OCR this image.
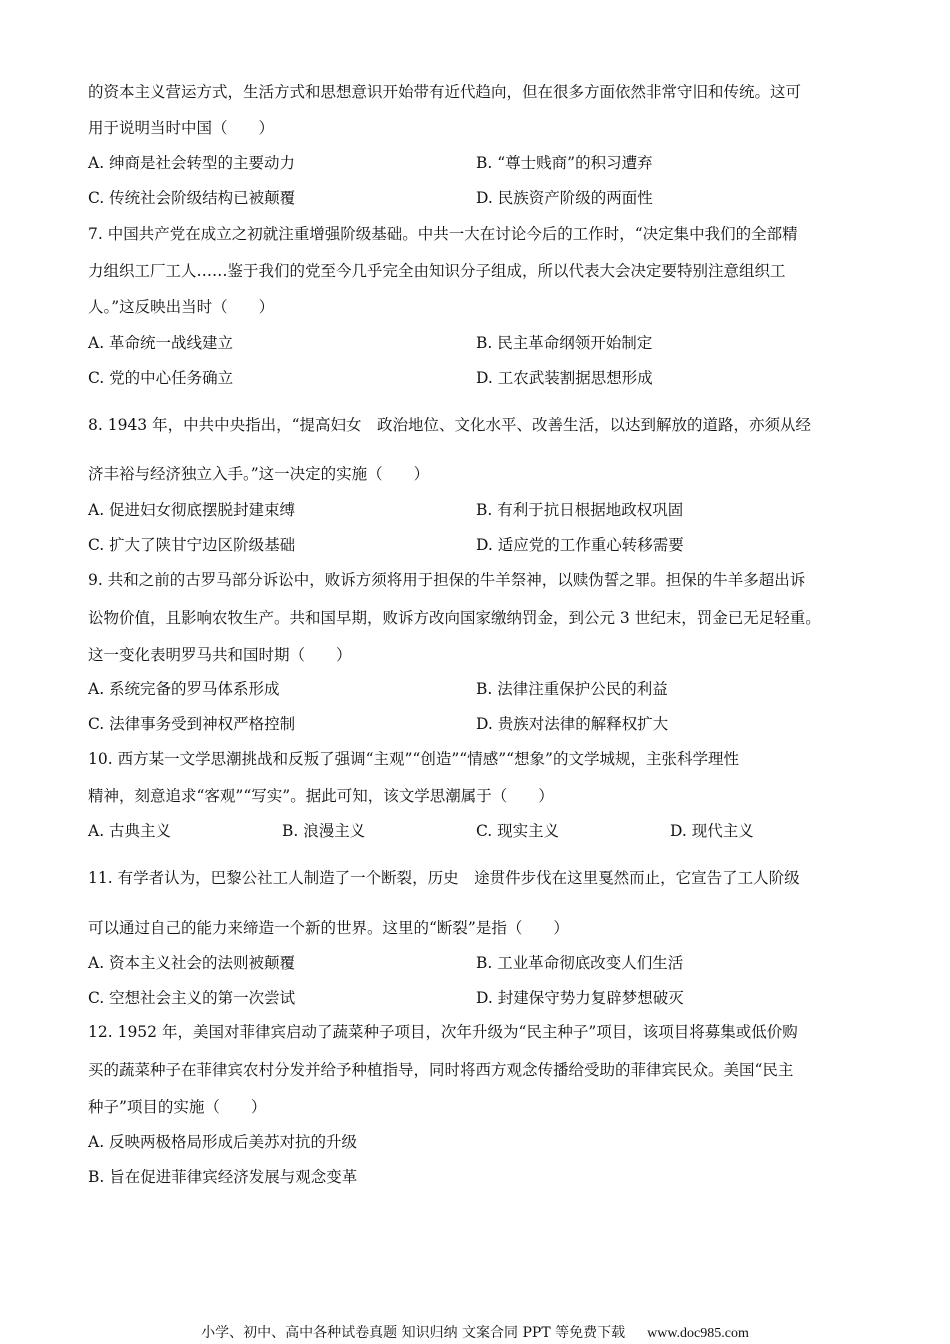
的资本主义营运方式，生活方式和思想意识开始带有近代趋向，但在很多方面依然非常守旧和传统。这可
用于说明当时中国（　　）
A. 绅商是社会转型的主要动力	B. “尊士贱商”的积习遭弃
C. 传统社会阶级结构已被颠覆	D. 民族资产阶级的两面性
7. 中国共产党在成立之初就注重增强阶级基础。中共一大在讨论今后的工作时，“决定集中我们的全部精
力组织工厂工人……鉴于我们的党至今几乎完全由知识分子组成，所以代表大会决定要特别注意组织工
人。”这反映出当时（　　）
A. 革命统一战线建立	B. 民主革命纲领开始制定
C. 党的中心任务确立	D. 工农武装割据思想形成
8. 1943 年，中共中央指出，“提高妇女　政治地位、文化水平、改善生活，以达到解放的道路，亦须从经
济丰裕与经济独立入手。”这一决定的实施（　　）
A. 促进妇女彻底摆脱封建束缚	B. 有利于抗日根据地政权巩固
C. 扩大了陕甘宁边区阶级基础	D. 适应党的工作重心转移需要
9. 共和之前的古罗马部分诉讼中，败诉方须将用于担保的牛羊祭神，以赎伪誓之罪。担保的牛羊多超出诉
讼物价值，且影响农牧生产。共和国早期，败诉方改向国家缴纳罚金，到公元 3 世纪末，罚金已无足轻重。
这一变化表明罗马共和国时期（　　）
A. 系统完备的罗马体系形成	B. 法律注重保护公民的利益
C. 法律事务受到神权严格控制	D. 贵族对法律的解释权扩大
10. 西方某一文学思潮挑战和反叛了强调“主观”“创造”“情感”“想象”的文学城规，主张科学理性
精神，刻意追求“客观”“写实”。据此可知，该文学思潮属于（　　）
A. 古典主义	B. 浪漫主义	C. 现实主义	D. 现代主义
11. 有学者认为，巴黎公社工人制造了一个断裂，历史　途贯件步伐在这里戛然而止，它宣告了工人阶级
可以通过自己的能力来缔造一个新的世界。这里的“断裂”是指（　　）
A. 资本主义社会的法则被颠覆	B. 工业革命彻底改变人们生活
C. 空想社会主义的第一次尝试	D. 封建保守势力复辟梦想破灭
12. 1952 年，美国对菲律宾启动了蔬菜种子项目，次年升级为“民主种子”项目，该项目将募集或低价购
买的蔬菜种子在菲律宾农村分发并给予种植指导，同时将西方观念传播给受助的菲律宾民众。美国“民主
种子”项目的实施（　　）
A. 反映两极格局形成后美苏对抗的升级
B. 旨在促进菲律宾经济发展与观念变革
小学、初中、高中各种试卷真题 知识归纳 文案合同 PPT 等免费下载 www.doc985.com
